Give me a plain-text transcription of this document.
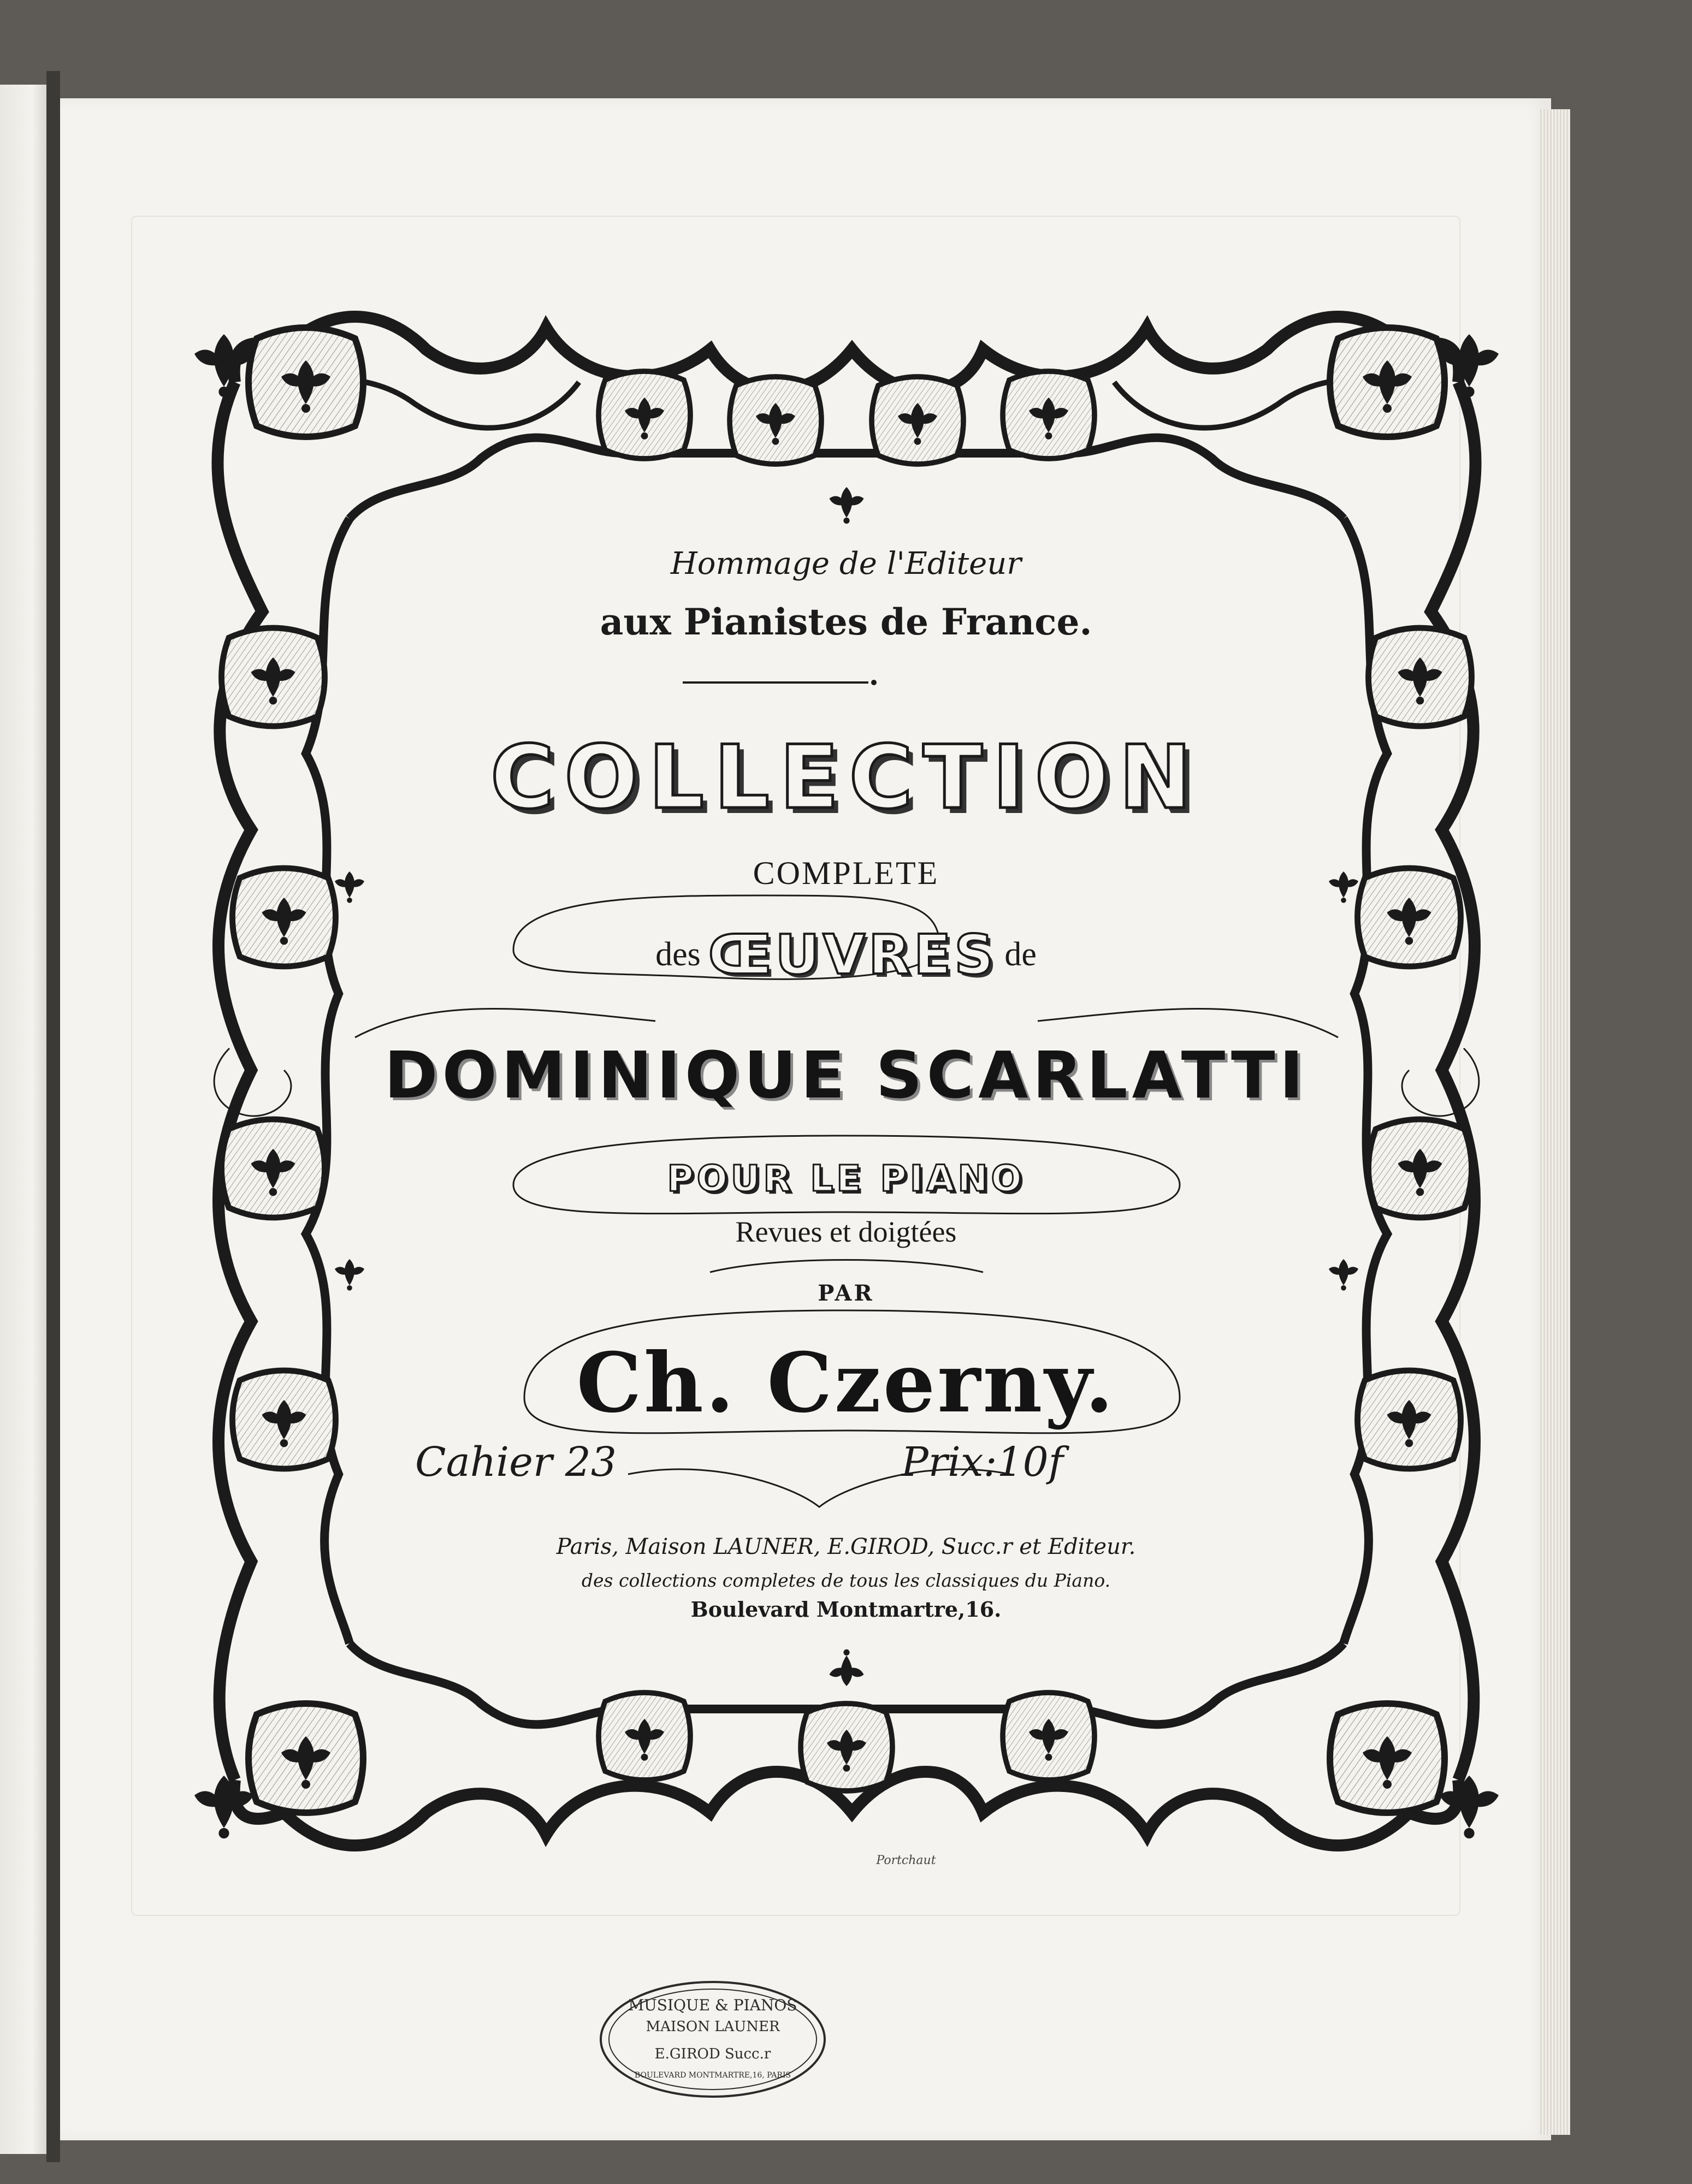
Hommage de l'Editeur
aux Pianistes de France.
COLLECTION
COMPLETE
des ŒUVRES de
DOMINIQUE SCARLATTI
POUR LE PIANO
Revues et doigtées
PAR
Ch. Czerny.
Cahier 23	Prix:10f
Paris, Maison LAUNER, E.GIROD, Succ.r et Editeur.
des collections completes de tous les classiques du Piano.
Boulevard Montmartre,16.
Portchaut
MUSIQUE & PIANOS
MAISON LAUNER
E.GIROD Succ.r
BOULEVARD MONTMARTRE,16, PARIS
